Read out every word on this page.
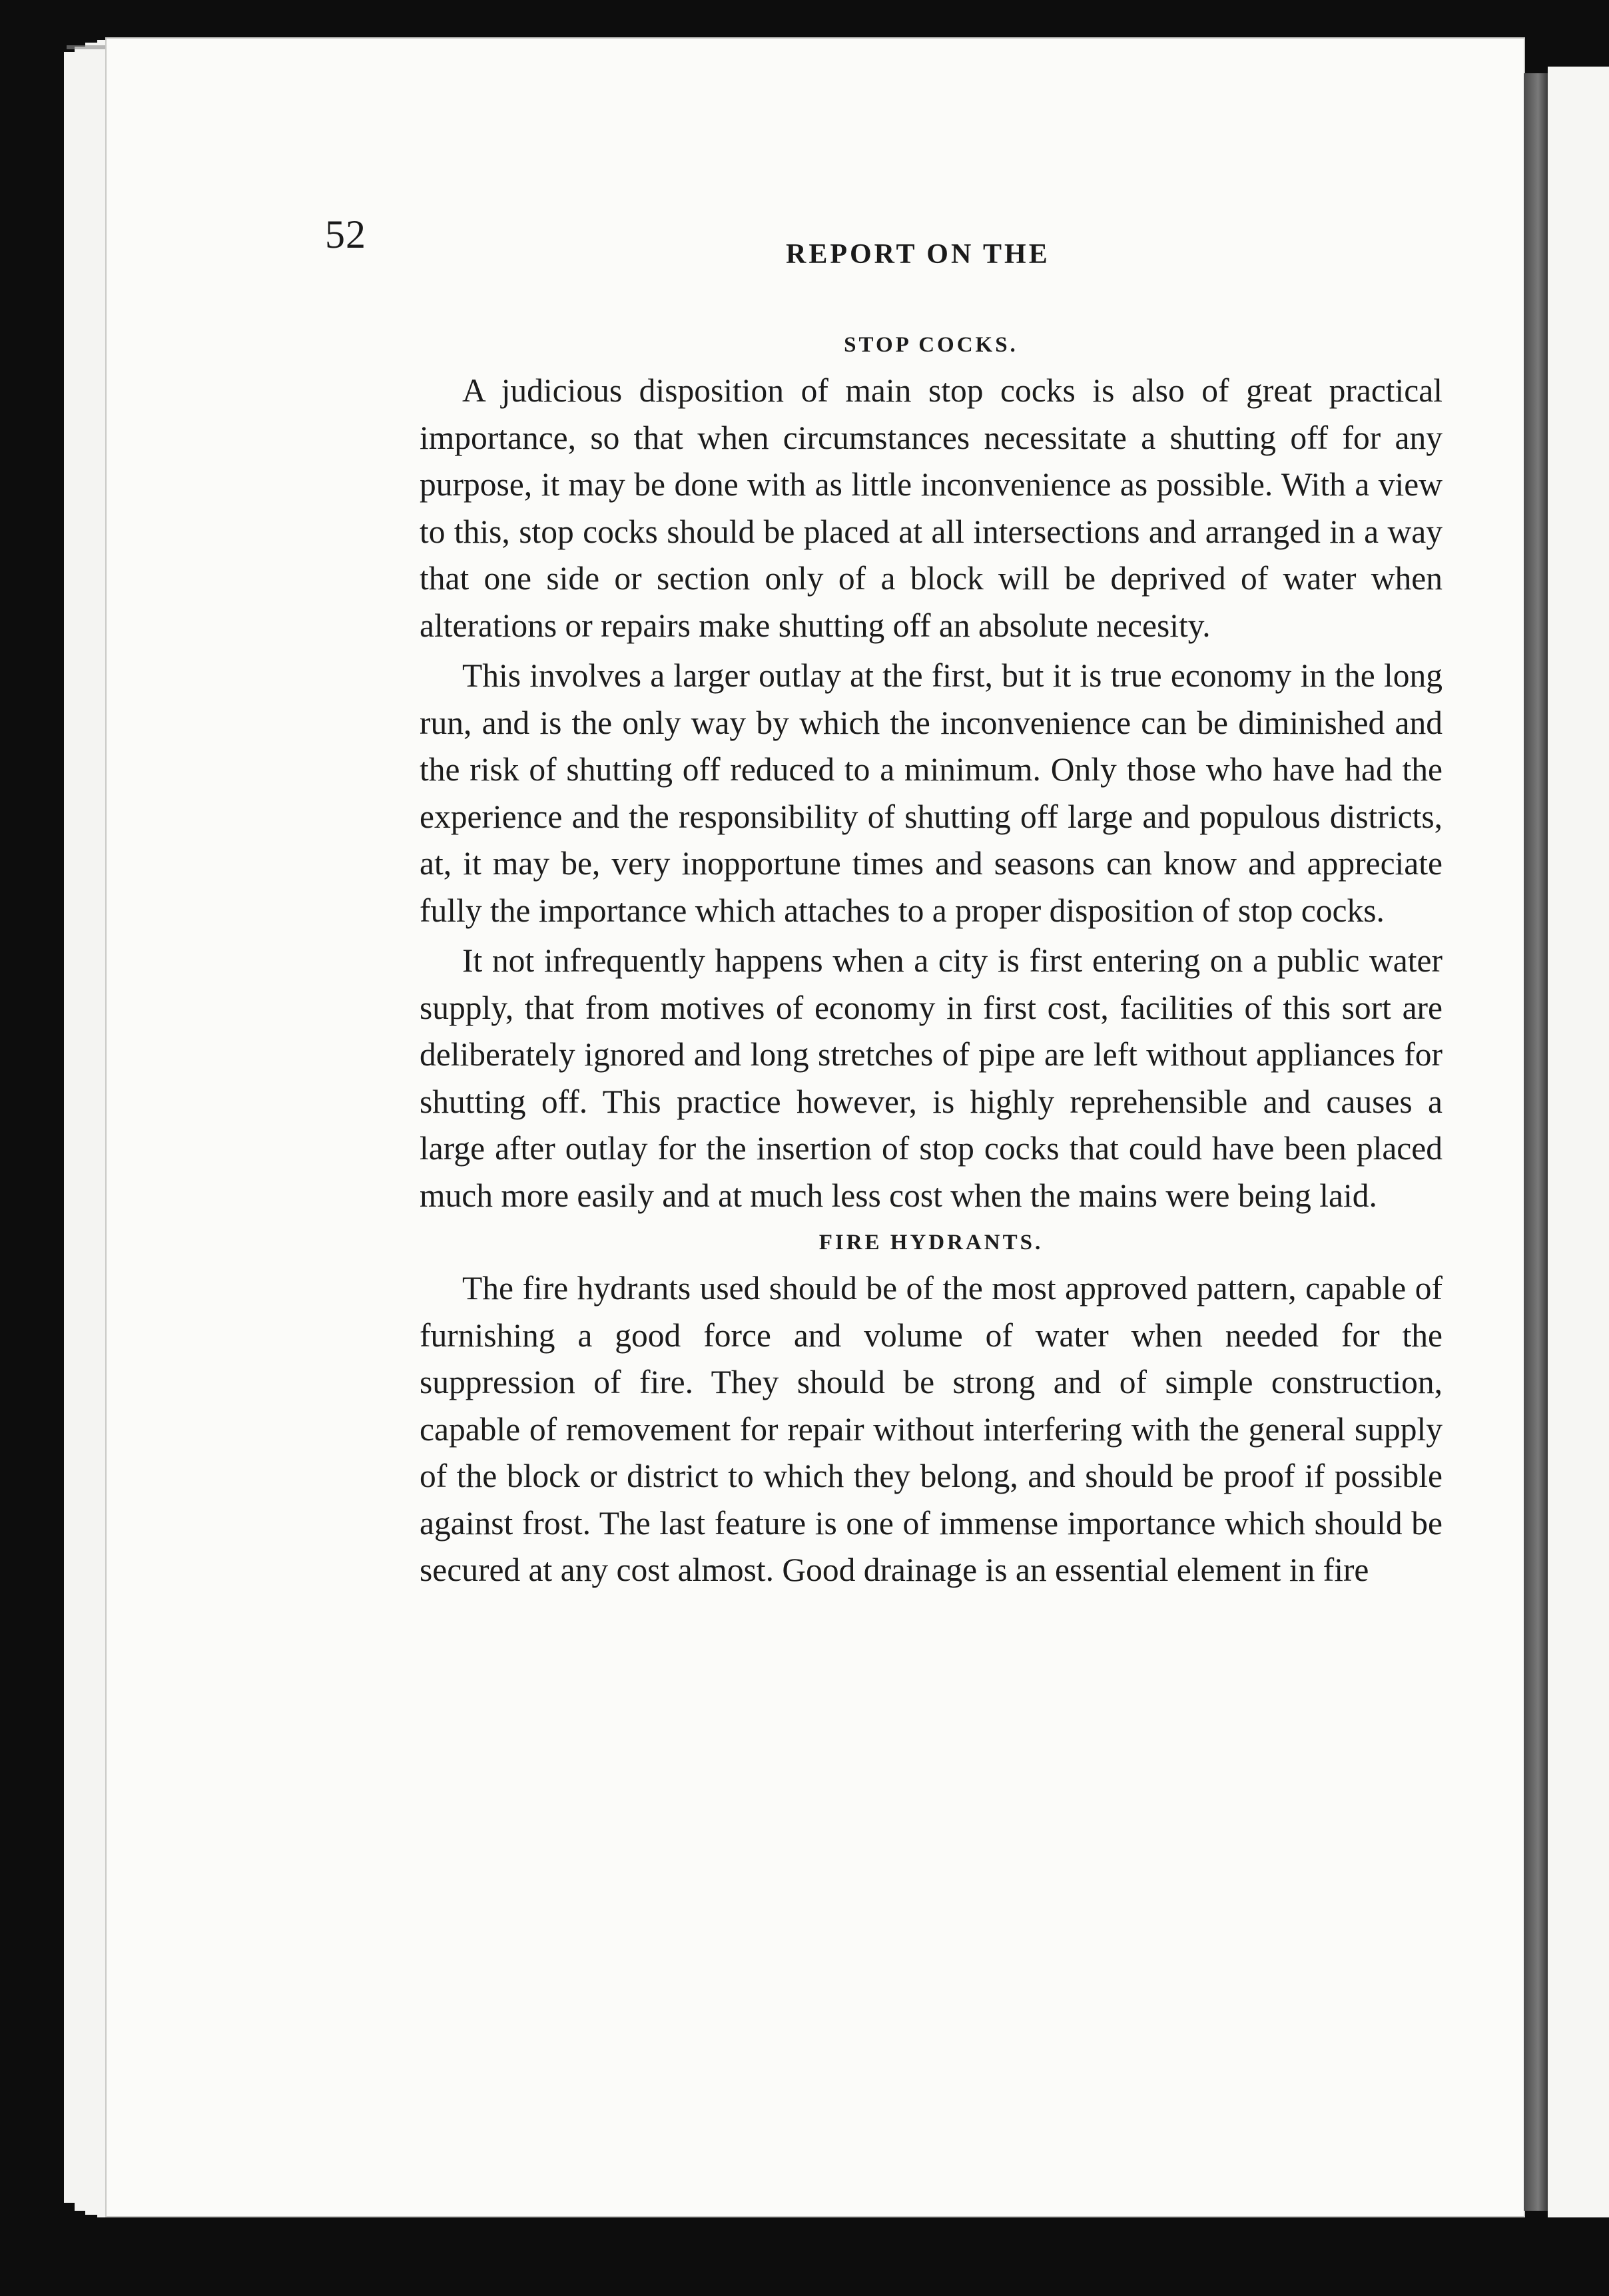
52	REPORT ON THE
STOP COCKS.

A judicious disposition of main stop cocks is also of great practical importance, so that when circumstances necessitate a shutting off for any purpose, it may be done with as little inconvenience as possible. With a view to this, stop cocks should be placed at all intersections and arranged in a way that one side or section only of a block will be deprived of water when alterations or repairs make shutting off an absolute necesity.

This involves a larger outlay at the first, but it is true economy in the long run, and is the only way by which the inconvenience can be diminished and the risk of shutting off reduced to a minimum. Only those who have had the experience and the responsibility of shutting off large and populous districts, at, it may be, very inopportune times and seasons can know and appreciate fully the importance which attaches to a proper disposition of stop cocks.

It not infrequently happens when a city is first entering on a public water supply, that from motives of economy in first cost, facilities of this sort are deliberately ignored and long stretches of pipe are left without appliances for shutting off. This practice however, is highly reprehensible and causes a large after outlay for the insertion of stop cocks that could have been placed much more easily and at much less cost when the mains were being laid.

FIRE HYDRANTS.

The fire hydrants used should be of the most approved pattern, capable of furnishing a good force and volume of water when needed for the suppression of fire. They should be strong and of simple construction, capable of removement for repair without interfering with the general supply of the block or district to which they belong, and should be proof if possible against frost. The last feature is one of immense importance which should be secured at any cost almost. Good drainage is an essential element in fire
